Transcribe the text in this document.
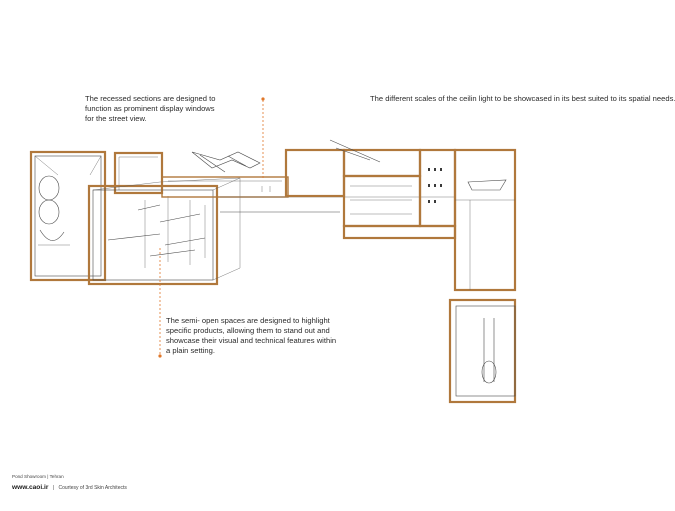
The recessed sections are designed to
function as prominent display windows
for the street view.

The different scales of the ceilin light to be showcased in its best suited to its spatial needs.

The semi- open spaces are designed to highlight
specific products, allowing them to stand out and
showcase their visual and technical features within
a plain setting.

Pond Showroom | Tehran

www.caoi.ir | Courtesy of 3rd Skin Architects
